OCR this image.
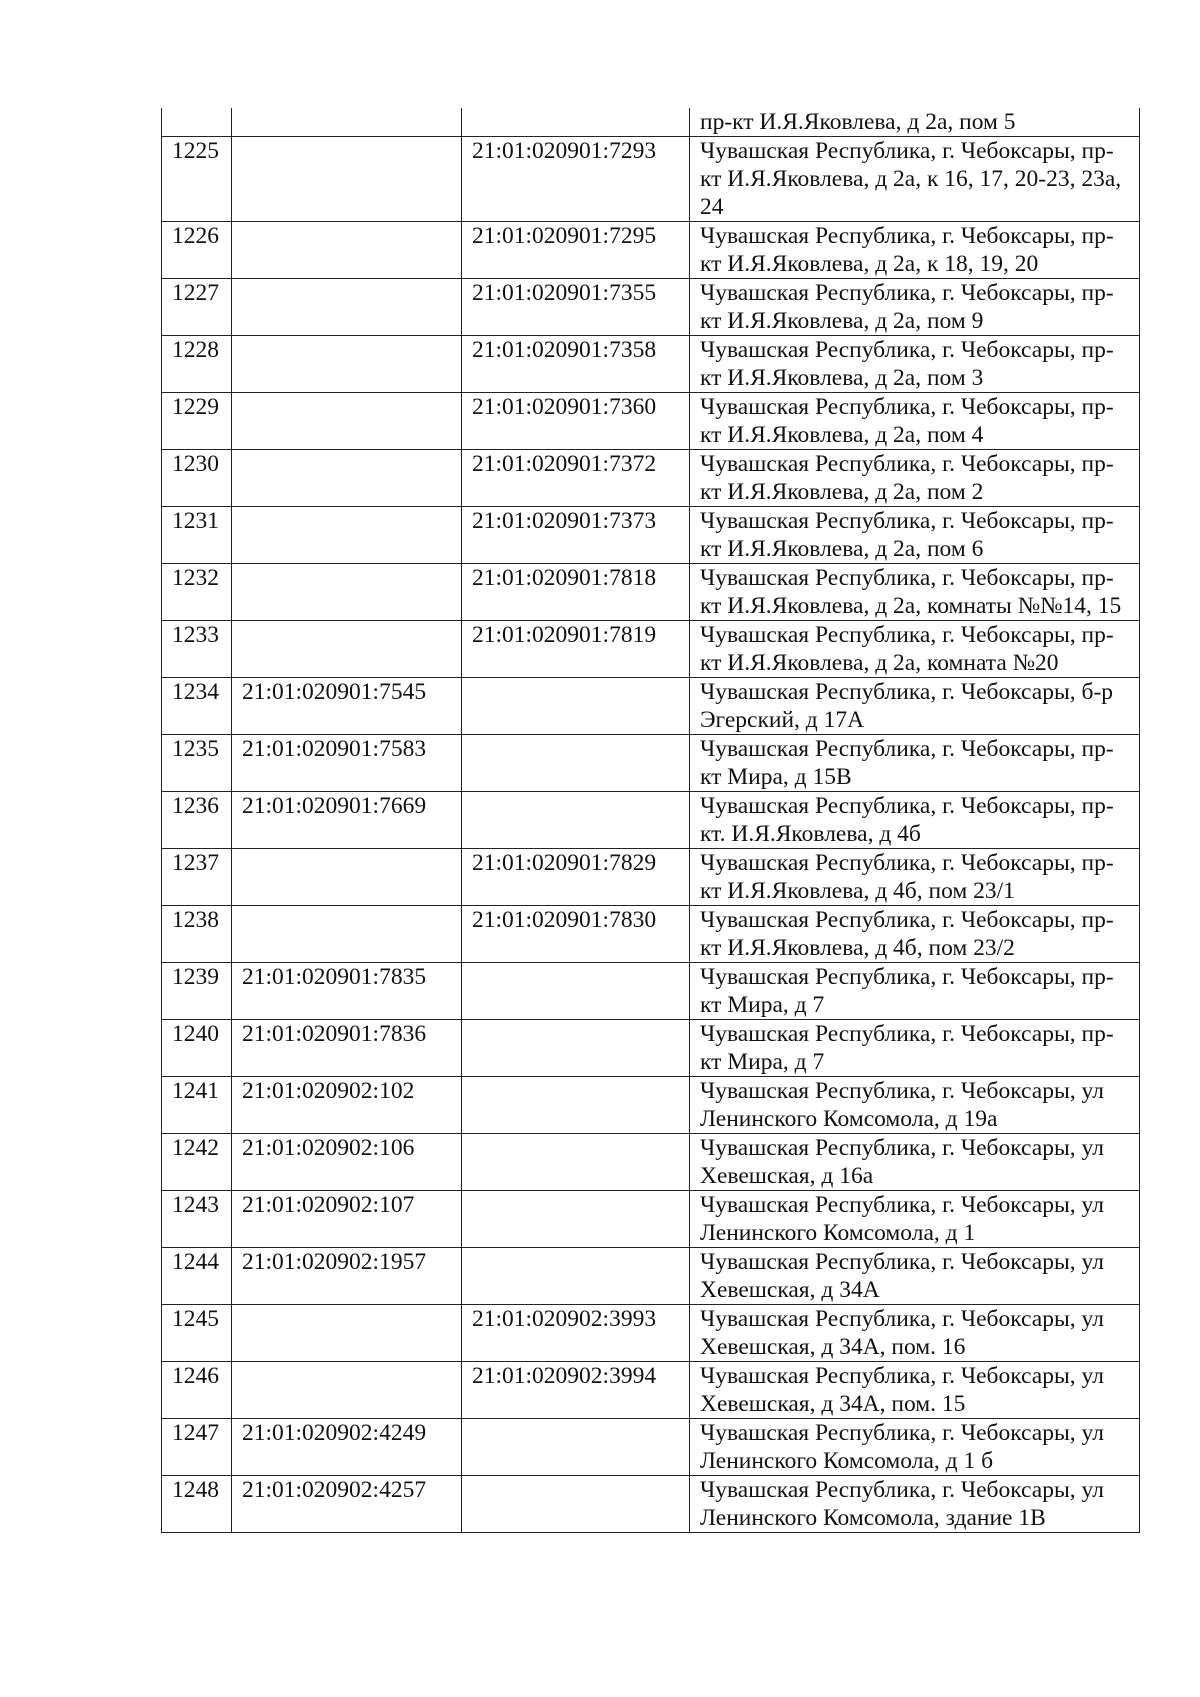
			пр-кт И.Я.Яковлева, д 2а, пом 5
1225		21:01:020901:7293	Чувашская Республика, г. Чебоксары, пр-кт И.Я.Яковлева, д 2а, к 16, 17, 20-23, 23а, 24
1226		21:01:020901:7295	Чувашская Республика, г. Чебоксары, пр-кт И.Я.Яковлева, д 2а, к 18, 19, 20
1227		21:01:020901:7355	Чувашская Республика, г. Чебоксары, пр-кт И.Я.Яковлева, д 2а, пом 9
1228		21:01:020901:7358	Чувашская Республика, г. Чебоксары, пр-кт И.Я.Яковлева, д 2а, пом 3
1229		21:01:020901:7360	Чувашская Республика, г. Чебоксары, пр-кт И.Я.Яковлева, д 2а, пом 4
1230		21:01:020901:7372	Чувашская Республика, г. Чебоксары, пр-кт И.Я.Яковлева, д 2а, пом 2
1231		21:01:020901:7373	Чувашская Республика, г. Чебоксары, пр-кт И.Я.Яковлева, д 2а, пом 6
1232		21:01:020901:7818	Чувашская Республика, г. Чебоксары, пр-кт И.Я.Яковлева, д 2а, комнаты №№14, 15
1233		21:01:020901:7819	Чувашская Республика, г. Чебоксары, пр-кт И.Я.Яковлева, д 2а, комната №20
1234	21:01:020901:7545		Чувашская Республика, г. Чебоксары, б-р Эгерский, д 17А
1235	21:01:020901:7583		Чувашская Республика, г. Чебоксары, пр-кт Мира, д 15В
1236	21:01:020901:7669		Чувашская Республика, г. Чебоксары, пр-кт. И.Я.Яковлева, д 4б
1237		21:01:020901:7829	Чувашская Республика, г. Чебоксары, пр-кт И.Я.Яковлева, д 4б, пом 23/1
1238		21:01:020901:7830	Чувашская Республика, г. Чебоксары, пр-кт И.Я.Яковлева, д 4б, пом 23/2
1239	21:01:020901:7835		Чувашская Республика, г. Чебоксары, пр-кт Мира, д 7
1240	21:01:020901:7836		Чувашская Республика, г. Чебоксары, пр-кт Мира, д 7
1241	21:01:020902:102		Чувашская Республика, г. Чебоксары, ул Ленинского Комсомола, д 19а
1242	21:01:020902:106		Чувашская Республика, г. Чебоксары, ул Хевешская, д 16а
1243	21:01:020902:107		Чувашская Республика, г. Чебоксары, ул Ленинского Комсомола, д 1
1244	21:01:020902:1957		Чувашская Республика, г. Чебоксары, ул Хевешская, д 34А
1245		21:01:020902:3993	Чувашская Республика, г. Чебоксары, ул Хевешская, д 34А, пом. 16
1246		21:01:020902:3994	Чувашская Республика, г. Чебоксары, ул Хевешская, д 34А, пом. 15
1247	21:01:020902:4249		Чувашская Республика, г. Чебоксары, ул Ленинского Комсомола, д 1 б
1248	21:01:020902:4257		Чувашская Республика, г. Чебоксары, ул Ленинского Комсомола, здание 1В
